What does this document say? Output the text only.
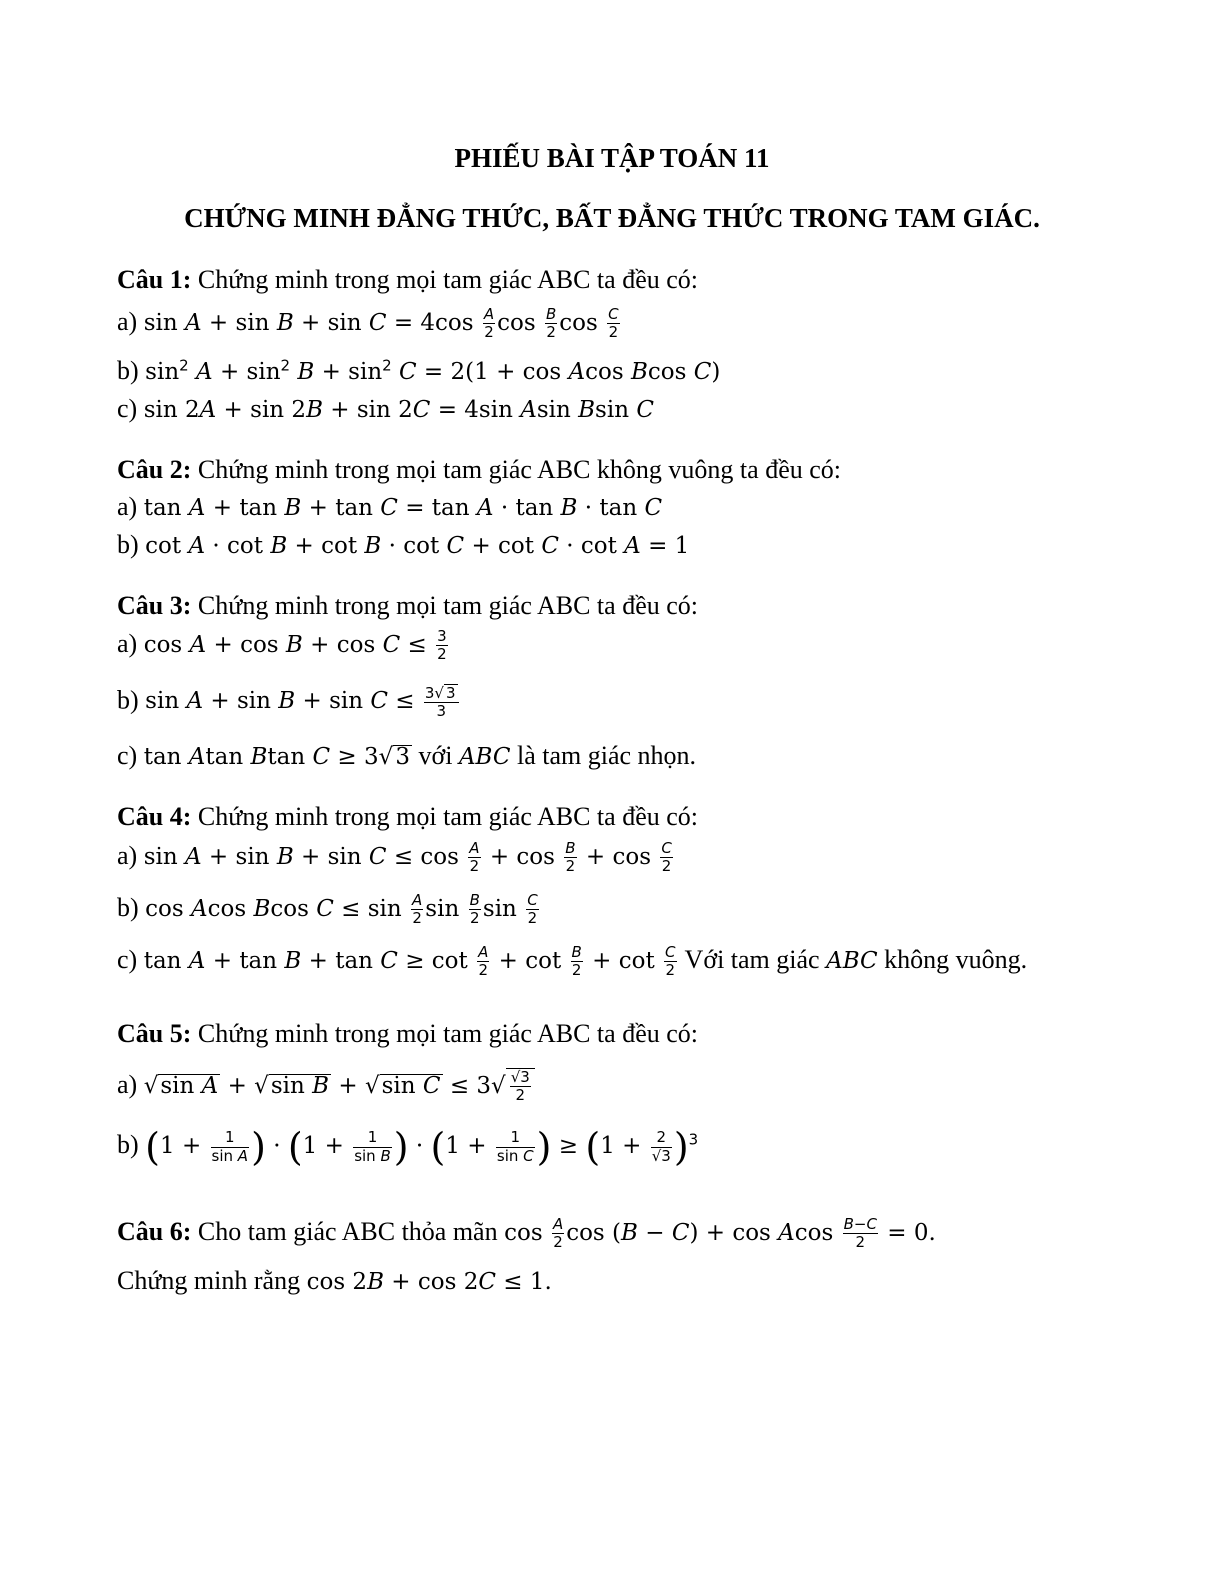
PHIẾU BÀI TẬP TOÁN 11
CHỨNG MINH ĐẲNG THỨC, BẤT ĐẲNG THỨC TRONG TAM GIÁC.
Câu 1: Chứng minh trong mọi tam giác ABC ta đều có:
a) $\sin A + \sin B + \sin C = 4\cos \frac{A}{2}$ $\cos \frac{B}{2}$ $\cos \frac{C}{2}$
b) $\sin^2 A + \sin^2 B + \sin^2 C = 2(1 + \cos Acos$ Bcos C)
c) sin 2A + sin 2B + sin 2C = 4sin Asin Bsin C
Câu 2: Chứng minh trong mọi tam giác ABC không vuông ta đều có:
a) tan A + tan B + tan C = tan A · tan B · tan C
b) cot A · cot B + cot B · cot C + cot C · cot A = 1
Câu 3: Chứng minh trong mọi tam giác ABC ta đều có:
a) $\cos A + \cos B + \cos C \le \frac{3}{2}$
b) $\sin A + \sin B + \sin C \le \frac{3√ 3}{3}$
c) tan Atan Btan C ≥ 3√3 với ABC là tam giác nhọn.
Câu 4: Chứng minh trong mọi tam giác ABC ta đều có:
a) $\sin A + \sin B + \sin C \le \cos \frac{A}{2} + \cos \frac{B}{2} + \cos \frac{C}{2}$
b) cos Acos Bcos $C \le \sin \frac{A}{2}$ $\sin \frac{B}{2}$ $\sin \frac{C}{2}$
c) $\tan A + \tan B + \tan C \ge \cot \frac{A}{2} + \cot \frac{B}{2} + \cot \frac{C}{2}$ Với tam giác ABC không vuông.
Câu 5: Chứng minh trong mọi tam giác ABC ta đều có:
a) √sin A + √sin B + √sin $C \le 3√ \frac{√3}{2}$
b) ($1 + \frac{1}{\text{sin A}}$ ) · ($1 + \frac{1}{\text{sin B}}$ ) · ($1 + \frac{1}{\text{sin C}}$ ) ≥ $(1 + \frac{2}{√3} )^3$
Câu 6: Cho tam giác ABC thỏa mãn $\cos \frac{A}{2}$ cos (B − C) + cos Acos $\frac{B-C}{2} = 0$.
Chứng minh rằng cos 2B + cos 2C ≤ 1.
